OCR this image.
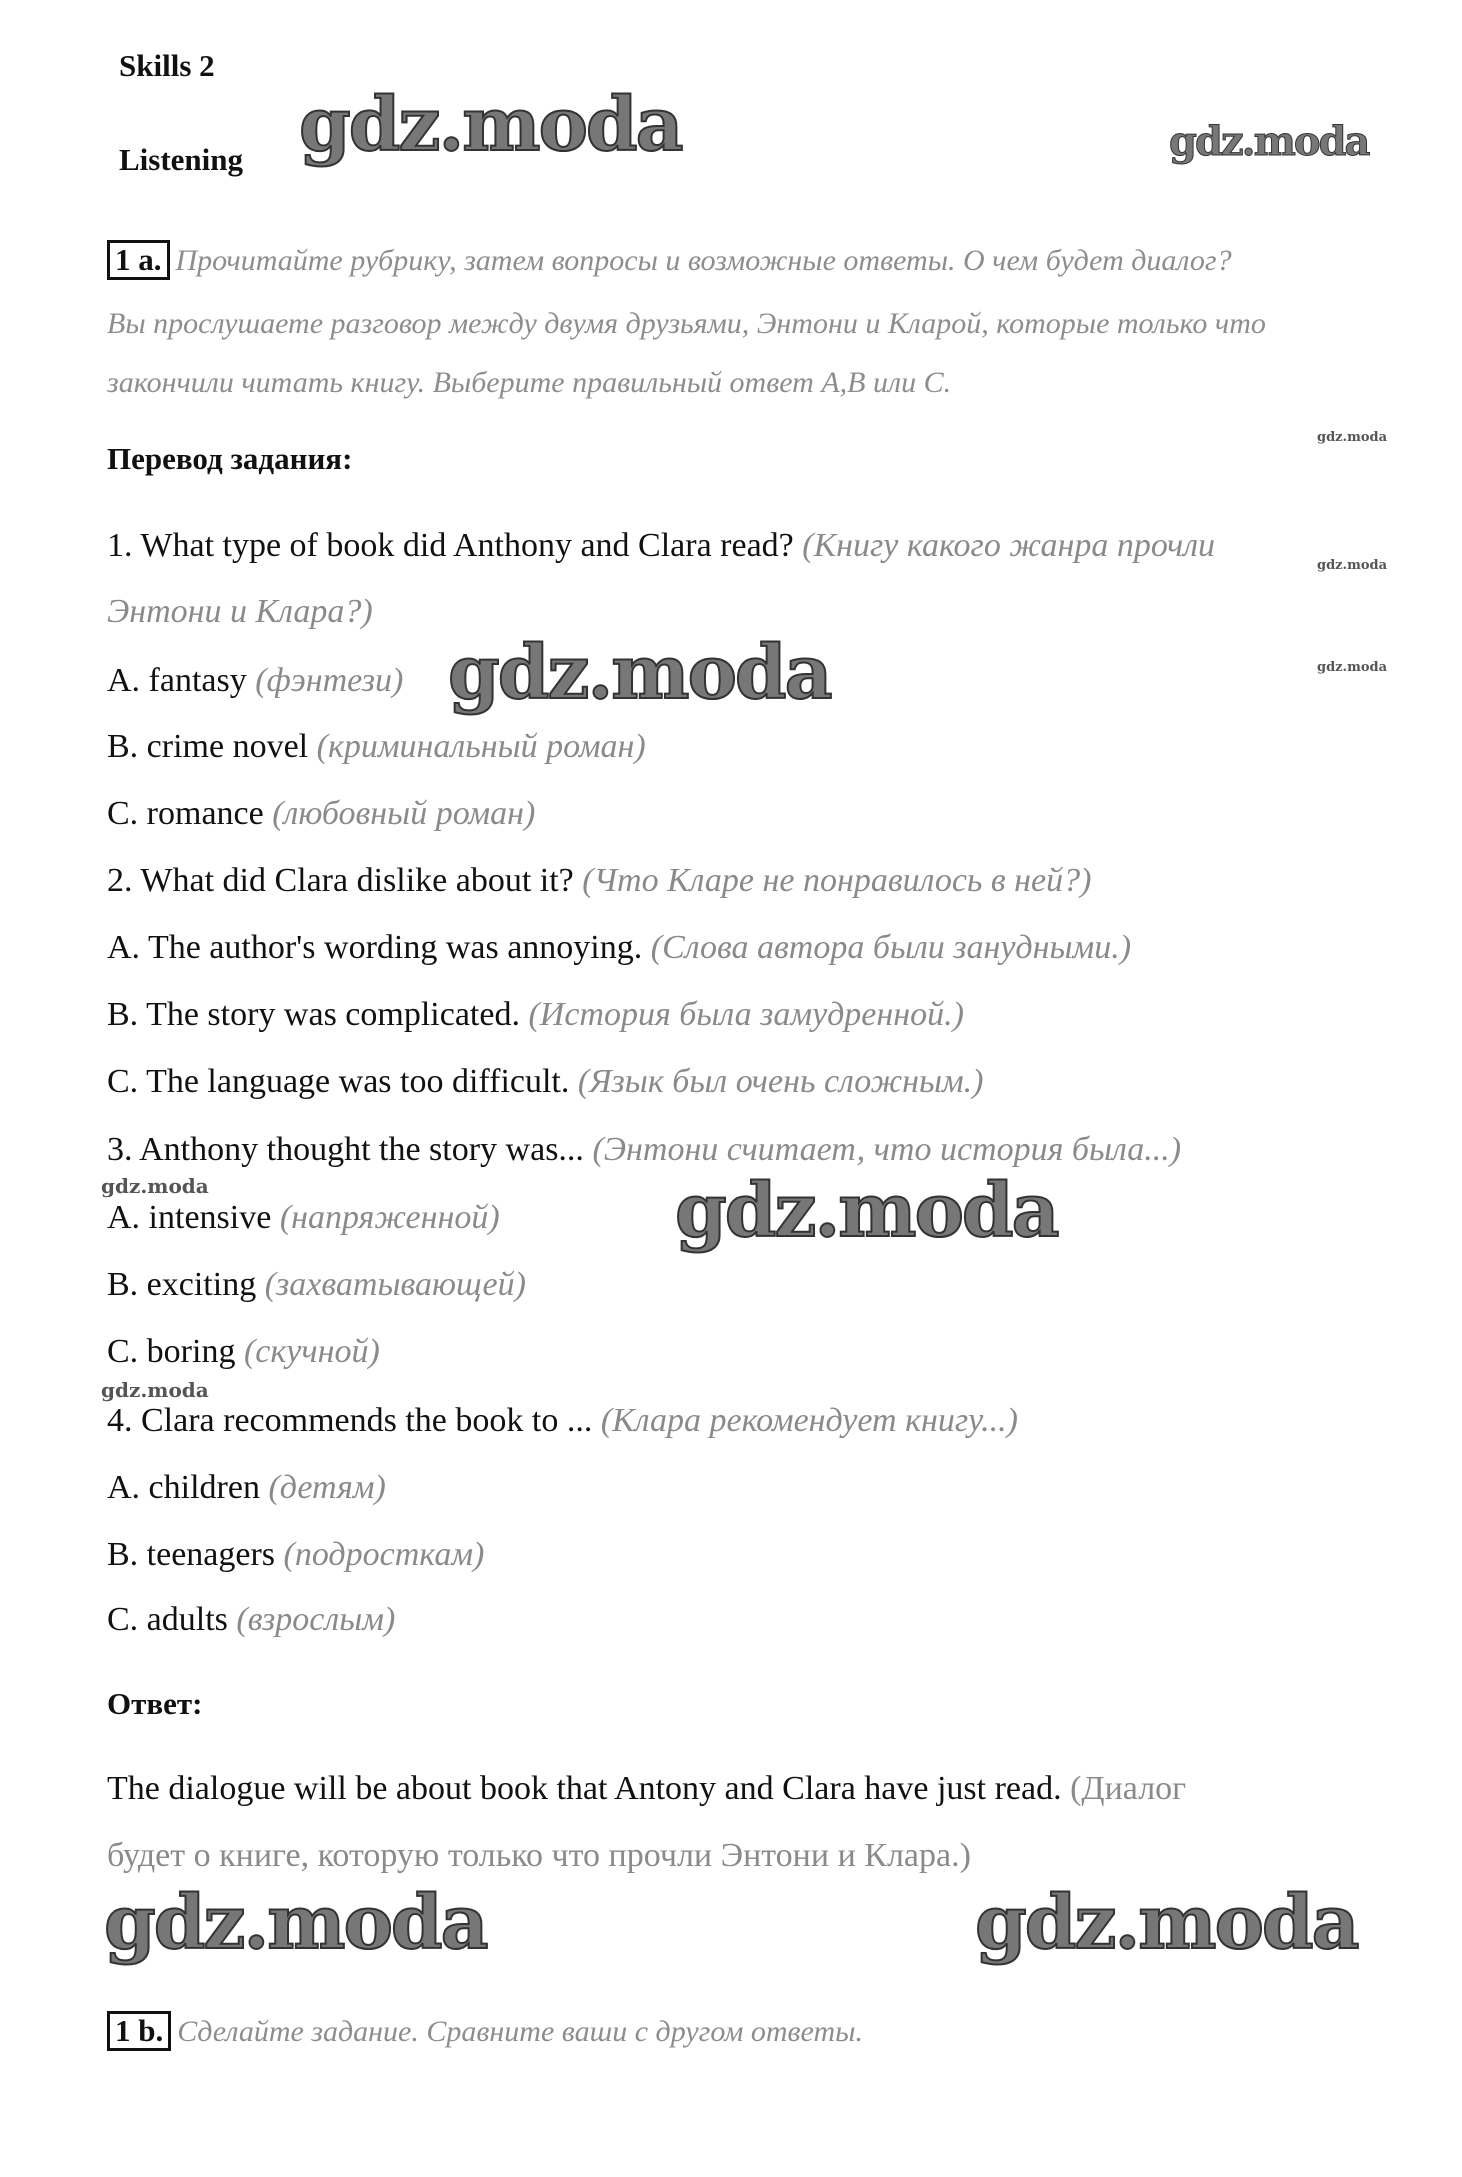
Skills 2
Listening gdz.moda	gdz.moda
1 a. Прочитайте рубрику, затем вопросы и возможные ответы. О чем будет диалог?
Вы прослушаете разговор между двумя друзьями, Энтони и Кларой, которые только что
закончили читать книгу. Выберите правильный ответ А,В или С.
gdz.moda
Перевод задания:
1. What type of book did Anthony and Clara read? (Книгу какого жанра прочли
Энтони и Клара?)
A. fantasy (фэнтези)
B. crime novel (криминальный роман)
C. romance (любовный роман)
2. What did Clara dislike about it? (Что Кларе не понравилось в ней?)
A. The author's wording was annoying. (Слова автора были занудными.)
B. The story was complicated. (История была замудренной.)
C. The language was too difficult. (Язык был очень сложным.)
3. Anthony thought the story was... (Энтони считает, что история была...)
A. intensive (напряженной)
B. exciting (захватывающей)
C. boring (скучной)
4. Clara recommends the book to ... (Клара рекомендует книгу...)
A. children (детям)
B. teenagers (подросткам)
C. adults (взрослым)
gdz.moda
gdz.moda
gdz.moda
gdz.moda
gdz.moda
gdz.moda
Ответ:
The dialogue will be about book that Antony and Clara have just read. (Диалог
будет о книге, которую только что прочли Энтони и Клара.)
gdz.moda	gdz.moda
1 b. Сделайте задание. Сравните ваши с другом ответы.
